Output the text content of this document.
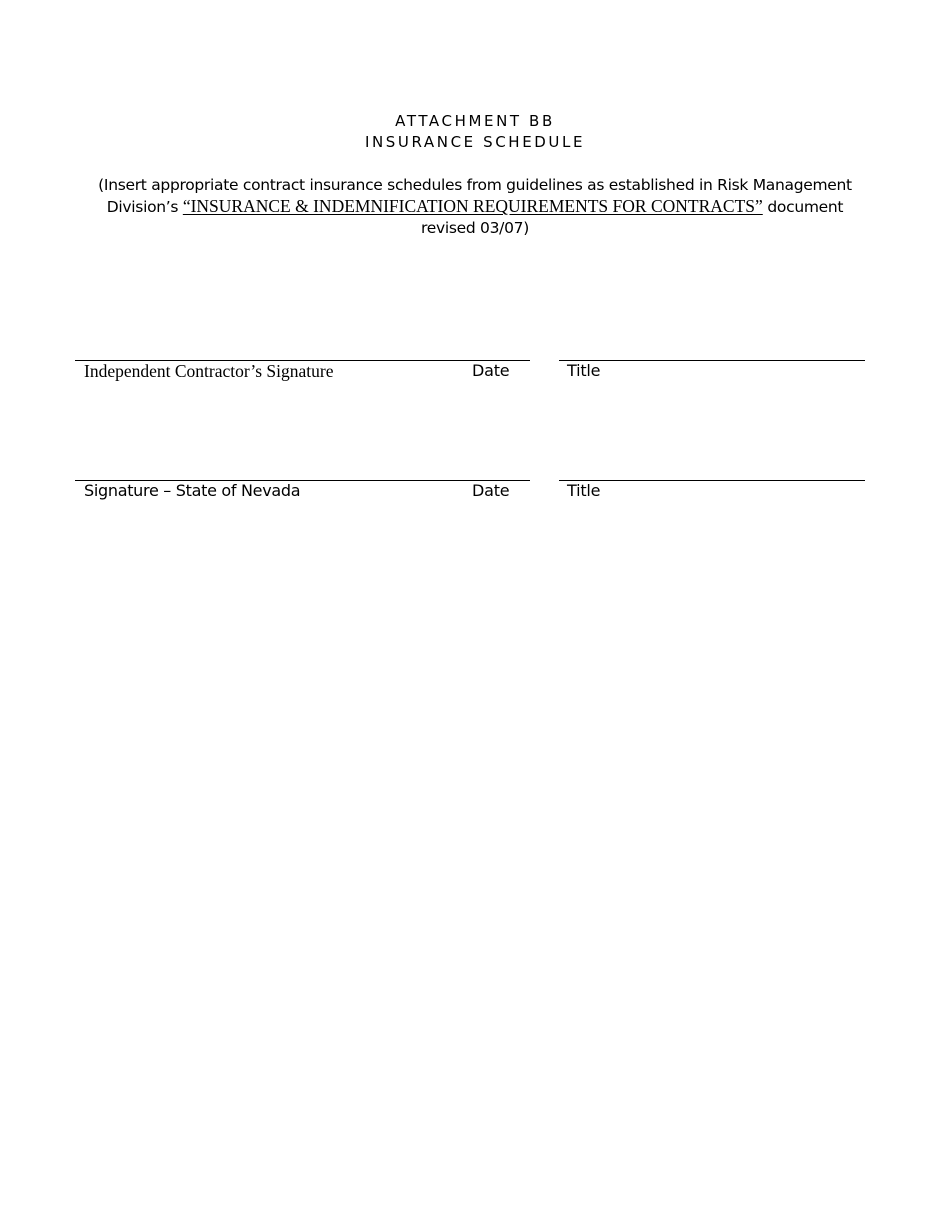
ATTACHMENT BB
INSURANCE SCHEDULE
(Insert appropriate contract insurance schedules from guidelines as established in Risk Management Division’s “INSURANCE & INDEMNIFICATION REQUIREMENTS FOR CONTRACTS” document revised 03/07)
Independent Contractor’s Signature	Date	Title
Signature – State of Nevada	Date	Title
